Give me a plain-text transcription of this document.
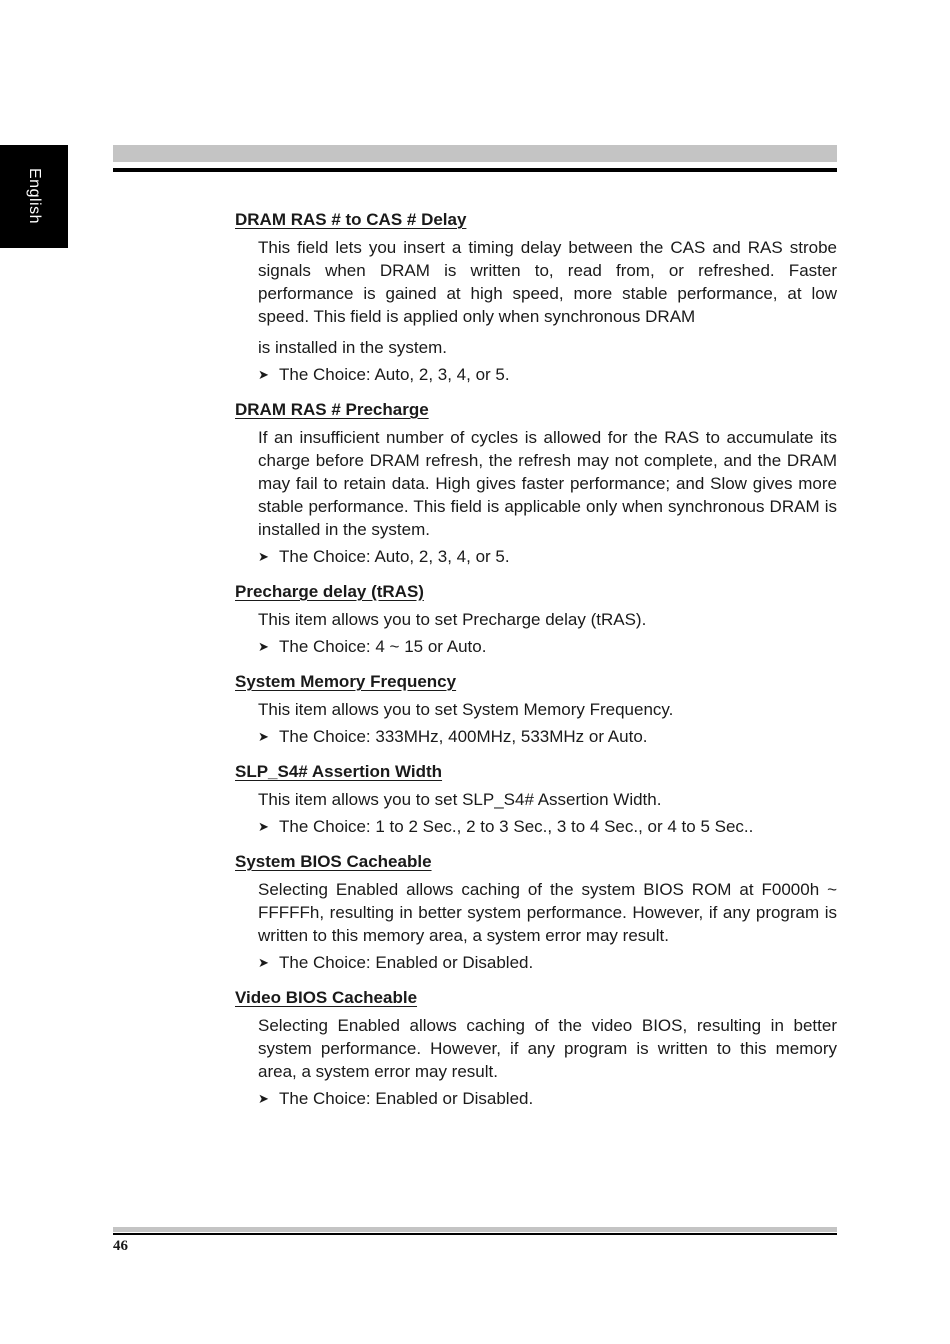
English	DRAM RAS # to CAS # Delay
This field lets you insert a timing delay between the CAS and RAS strobe signals when DRAM is written to, read from, or refreshed. Faster performance is gained at high speed, more stable performance, at low speed. This field is applied only when synchronous DRAM
is installed in the system.
➤ The Choice: Auto, 2, 3, 4, or 5.
DRAM RAS # Precharge
If an insufficient number of cycles is allowed for the RAS to accumulate its charge before DRAM refresh, the refresh may not complete, and the DRAM may fail to retain data. High gives faster performance; and Slow gives more stable performance. This field is applicable only when synchronous DRAM is installed in the system.
➤ The Choice: Auto, 2, 3, 4, or 5.
Precharge delay (tRAS)
This item allows you to set Precharge delay (tRAS).
➤ The Choice: 4 ~ 15 or Auto.
System Memory Frequency
This item allows you to set System Memory Frequency.
➤ The Choice: 333MHz, 400MHz, 533MHz or Auto.
SLP_S4# Assertion Width
This item allows you to set SLP_S4# Assertion Width.
➤ The Choice: 1 to 2 Sec., 2 to 3 Sec., 3 to 4 Sec., or 4 to 5 Sec..
System BIOS Cacheable
Selecting Enabled allows caching of the system BIOS ROM at F0000h ~ FFFFFh, resulting in better system performance. However, if any program is written to this memory area, a system error may result.
➤ The Choice: Enabled or Disabled.
Video BIOS Cacheable
Selecting Enabled allows caching of the video BIOS, resulting in better system performance. However, if any program is written to this memory area, a system error may result.
➤ The Choice: Enabled or Disabled.
46
